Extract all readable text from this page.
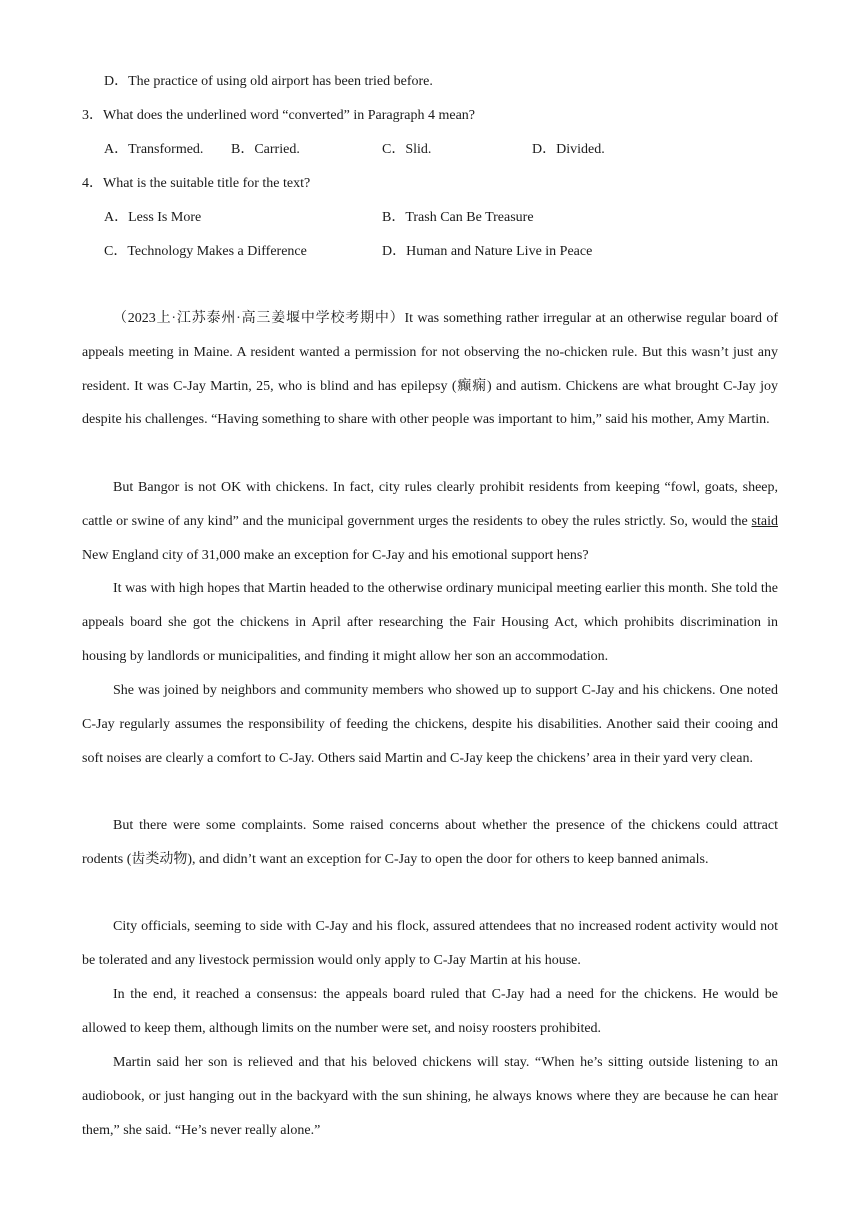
D．The practice of using old airport has been tried before.
3．What does the underlined word “converted” in Paragraph 4 mean?
A．Transformed. B．Carried.	C．Slid.	D．Divided.
4．What is the suitable title for the text?
A．Less Is More	B．Trash Can Be Treasure
C．Technology Makes a Difference	D．Human and Nature Live in Peace

（2023上·江苏泰州·高三姜堰中学校考期中）It was something rather irregular at an otherwise regular board of appeals meeting in Maine. A resident wanted a permission for not observing the no-chicken rule. But this wasn’t just any resident. It was C-Jay Martin, 25, who is blind and has epilepsy (癫痫) and autism. Chickens are what brought C-Jay joy despite his challenges. “Having something to share with other people was important to him,” said his mother, Amy Martin.

But Bangor is not OK with chickens. In fact, city rules clearly prohibit residents from keeping “fowl, goats, sheep, cattle or swine of any kind” and the municipal government urges the residents to obey the rules strictly. So, would the staid New England city of 31,000 make an exception for C-Jay and his emotional support hens?

It was with high hopes that Martin headed to the otherwise ordinary municipal meeting earlier this month. She told the appeals board she got the chickens in April after researching the Fair Housing Act, which prohibits discrimination in housing by landlords or municipalities, and finding it might allow her son an accommodation.

She was joined by neighbors and community members who showed up to support C-Jay and his chickens. One noted C-Jay regularly assumes the responsibility of feeding the chickens, despite his disabilities. Another said their cooing and soft noises are clearly a comfort to C-Jay. Others said Martin and C-Jay keep the chickens’ area in their yard very clean.

But there were some complaints. Some raised concerns about whether the presence of the chickens could attract rodents (齿类动物), and didn’t want an exception for C-Jay to open the door for others to keep banned animals.

City officials, seeming to side with C-Jay and his flock, assured attendees that no increased rodent activity would not be tolerated and any livestock permission would only apply to C-Jay Martin at his house.

In the end, it reached a consensus: the appeals board ruled that C-Jay had a need for the chickens. He would be allowed to keep them, although limits on the number were set, and noisy roosters prohibited.

Martin said her son is relieved and that his beloved chickens will stay. “When he’s sitting outside listening to an audiobook, or just hanging out in the backyard with the sun shining, he always knows where they are because he can hear them,” she said. “He’s never really alone.”
